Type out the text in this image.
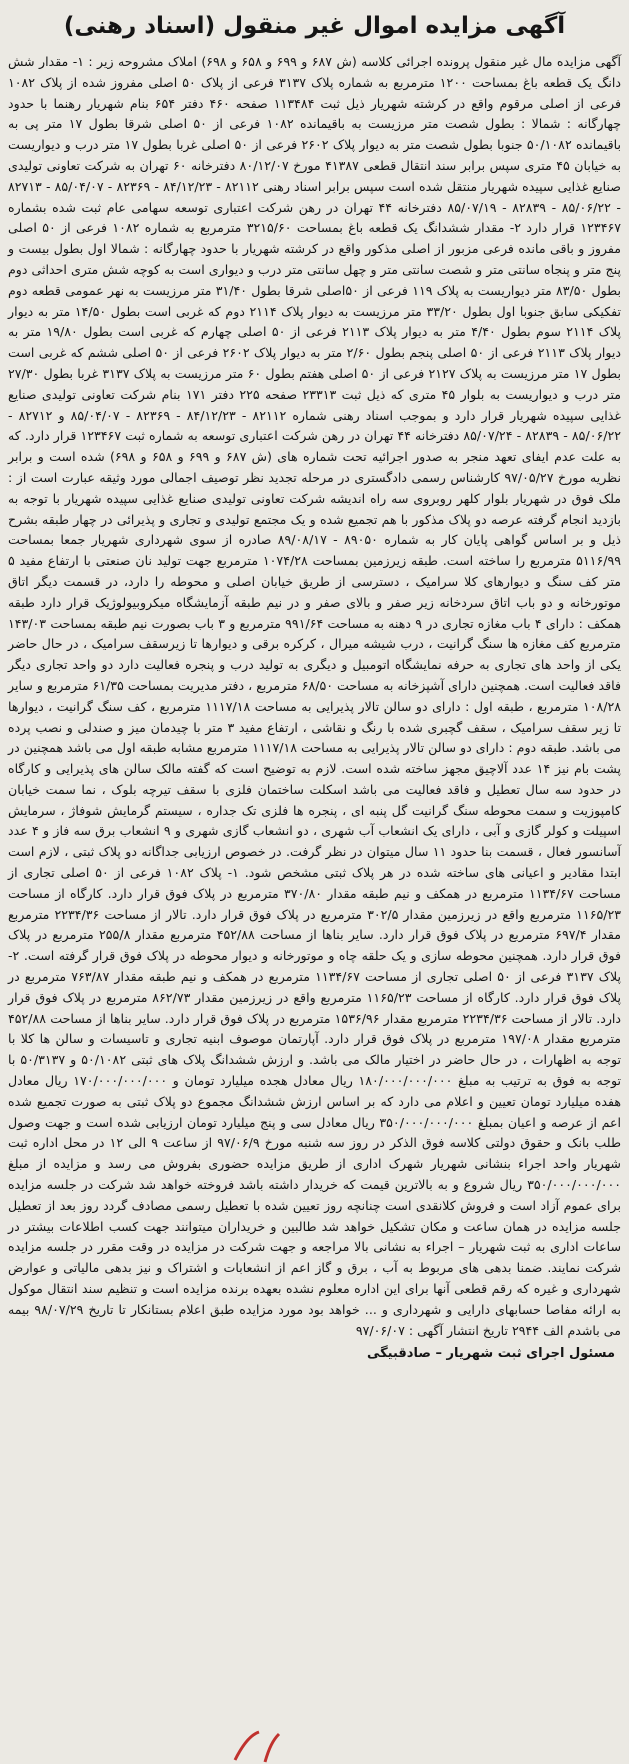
آگهی مزایده اموال غیر منقول (اسناد رهنی)

آگهی مزایده مال غیر منقول پرونده اجرائی کلاسه (ش ۶۸۷ و ۶۹۹ و ۶۵۸ و ۶۹۸) املاک مشروحه زیر : ۱- مقدار شش دانگ یک قطعه باغ بمساحت ۱۲۰۰ مترمربع به شماره پلاک ۳۱۳۷ فرعی از پلاک ۵۰ اصلی مفروز شده از پلاک ۱۰۸۲ فرعی از اصلی مرقوم واقع در کرشته شهریار ذیل ثبت ۱۱۳۴۸۴ صفحه ۴۶۰ دفتر ۶۵۴ بنام شهریار رهنما با حدود چهارگانه : شمالا : بطول شصت متر مرزیست به باقیمانده ۱۰۸۲ فرعی از ۵۰ اصلی شرقا بطول ۱۷ متر پی به باقیمانده ۵۰/۱۰۸۲ جنوبا بطول شصت متر به دیوار پلاک ۲۶۰۲ فرعی از ۵۰ اصلی غربا بطول ۱۷ متر درب و دیواریست به خیابان ۴۵ متری سپس برابر سند انتقال قطعی ۴۱۳۸۷ مورخ ۸۰/۱۲/۰۷ دفترخانه ۶۰ تهران به شرکت تعاونی تولیدی صنایع غذایی سپیده شهریار منتقل شده است سپس برابر اسناد رهنی ۸۲۱۱۲ - ۸۴/۱۲/۲۳ - ۸۲۳۶۹ - ۸۵/۰۴/۰۷ - ۸۲۷۱۳ - ۸۵/۰۶/۲۲ - ۸۲۸۳۹ - ۸۵/۰۷/۱۹ دفترخانه ۴۴ تهران در رهن شرکت اعتباری توسعه سهامی عام ثبت شده بشماره ۱۲۳۴۶۷ قرار دارد ۲- مقدار ششدانگ یک قطعه باغ بمساحت ۳۲۱۵/۶۰ مترمربع به شماره ۱۰۸۲ فرعی از ۵۰ اصلی مفروز و باقی مانده فرعی مزبور از اصلی مذکور واقع در کرشته شهریار با حدود چهارگانه : شمالا اول بطول بیست و پنج متر و پنجاه سانتی متر و شصت سانتی متر و چهل سانتی متر درب و دیواری است به کوچه شش متری احداثی دوم بطول ۸۳/۵۰ متر دیواریست به پلاک ۱۱۹ فرعی از ۵۰اصلی شرقا بطول ۳۱/۴۰ متر مرزیست به نهر عمومی قطعه دوم تفکیکی سابق جنوبا اول بطول ۳۳/۲۰ متر مرزیست به دیوار پلاک ۲۱۱۴ دوم که غربی است بطول ۱۴/۵۰ متر به دیوار پلاک ۲۱۱۴ سوم بطول ۴/۴۰ متر به دیوار پلاک ۲۱۱۳ فرعی از ۵۰ اصلی چهارم که غربی است بطول ۱۹/۸۰ متر به دیوار پلاک ۲۱۱۳ فرعی از ۵۰ اصلی پنجم بطول ۲/۶۰ متر به دیوار پلاک ۲۶۰۲ فرعی از ۵۰ اصلی ششم که غربی است بطول ۱۷ متر مرزیست به پلاک ۲۱۲۷ فرعی از ۵۰ اصلی هفتم بطول ۶۰ متر مرزیست به پلاک ۳۱۳۷ غربا بطول ۲۷/۳۰ متر درب و دیواریست به بلوار ۴۵ متری که ذیل ثبت ۲۳۳۱۳ صفحه ۲۲۵ دفتر ۱۷۱ بنام شرکت تعاونی تولیدی صنایع غذایی سپیده شهریار قرار دارد و بموجب اسناد رهنی شماره ۸۲۱۱۲ - ۸۴/۱۲/۲۳ - ۸۲۳۶۹ - ۸۵/۰۴/۰۷ و ۸۲۷۱۲ - ۸۵/۰۶/۲۲ - ۸۲۸۳۹ - ۸۵/۰۷/۲۴ دفترخانه ۴۴ تهران در رهن شرکت اعتباری توسعه به شماره ثبت ۱۲۳۴۶۷ قرار دارد. که به علت عدم ایفای تعهد منجر به صدور اجرائیه تحت شماره های (ش ۶۸۷ و ۶۹۹ و ۶۵۸ و ۶۹۸) شده است و برابر نظریه مورخ ۹۷/۰۵/۲۷ کارشناس رسمی دادگستری در مرحله تجدید نظر توصیف اجمالی مورد وثیقه عبارت است از : ملک فوق در شهریار بلوار کلهر روبروی سه راه اندیشه شرکت تعاونی تولیدی صنایع غذایی سپیده شهریار با توجه به بازدید انجام گرفته عرصه دو پلاک مذکور با هم تجمیع شده و یک مجتمع تولیدی و تجاری و پذیرائی در چهار طبقه بشرح ذیل و بر اساس گواهی پایان کار به شماره ۸۹۰۵۰ - ۸۹/۰۸/۱۷ صادره از سوی شهرداری شهریار جمعا بمساحت ۵۱۱۶/۹۹ مترمربع را ساخته است. طبقه زیرزمین بمساحت ۱۰۷۴/۲۸ مترمربع جهت تولید نان صنعتی با ارتفاع مفید ۵ متر کف سنگ و دیوارهای کلا سرامیک ، دسترسی از طریق خیابان اصلی و محوطه را دارد، در قسمت دیگر اتاق موتورخانه و دو باب اتاق سردخانه زیر صفر و بالای صفر و در نیم طبقه آزمایشگاه میکروبیولوژیک قرار دارد طبقه همکف : دارای ۴ باب مغازه تجاری در ۹ دهنه به مساحت ۹۹۱/۶۴ مترمربع و ۳ باب بصورت نیم طبقه بمساحت ۱۴۳/۰۳ مترمربع کف مغازه ها سنگ گرانیت ، درب شیشه میرال ، کرکره برقی و دیوارها تا زیرسقف سرامیک ، در حال حاضر یکی از واحد های تجاری به حرفه نمایشگاه اتومبیل و دیگری به تولید درب و پنجره فعالیت دارد دو واحد تجاری دیگر فاقد فعالیت است. همچنین دارای آشپزخانه به مساحت ۶۸/۵۰ مترمربع ، دفتر مدیریت بمساحت ۶۱/۳۵ مترمربع و سایر ۱۰۸/۲۸ مترمربع ، طبقه اول : دارای دو سالن تالار پذیرایی به مساحت ۱۱۱۷/۱۸ مترمربع ، کف سنگ گرانیت ، دیوارها تا زیر سقف سرامیک ، سقف گچبری شده با رنگ و نقاشی ، ارتفاع مفید ۳ متر با چیدمان میز و صندلی و نصب پرده می باشد. طبقه دوم : دارای دو سالن تالار پذیرایی به مساحت ۱۱۱۷/۱۸ مترمربع مشابه طبقه اول می باشد همچنین در پشت بام نیز ۱۴ عدد آلاچیق مجهز ساخته شده است. لازم به توضیح است که گفته مالک سالن های پذیرایی و کارگاه در حدود سه سال تعطیل و فاقد فعالیت می باشد اسکلت ساختمان فلزی با سقف تیرچه بلوک ، نما سمت خیابان کامپوزیت و سمت محوطه سنگ گرانیت گل پنبه ای ، پنجره ها فلزی تک جداره ، سیستم گرمایش شوفاژ ، سرمایش اسپیلت و کولر گازی و آبی ، دارای یک انشعاب آب شهری ، دو انشعاب گازی شهری و ۹ انشعاب برق سه فاز و ۴ عدد آسانسور فعال ، قسمت بنا حدود ۱۱ سال میتوان در نظر گرفت. در خصوص ارزیابی جداگانه دو پلاک ثبتی ، لازم است ابتدا مقادیر و اعیانی های ساخته شده در هر پلاک ثبتی مشخص شود. ۱- پلاک ۱۰۸۲ فرعی از ۵۰ اصلی تجاری از مساحت ۱۱۳۴/۶۷ مترمربع در همکف و نیم طبقه مقدار ۳۷۰/۸۰ مترمربع در پلاک فوق قرار دارد. کارگاه از مساحت ۱۱۶۵/۲۳ مترمربع واقع در زیرزمین مقدار ۳۰۲/۵ مترمربع در پلاک فوق قرار دارد. تالار از مساحت ۲۲۳۴/۳۶ مترمربع مقدار ۶۹۷/۴ مترمربع در پلاک فوق قرار دارد. سایر بناها از مساحت ۴۵۲/۸۸ مترمربع مقدار ۲۵۵/۸ مترمربع در پلاک فوق قرار دارد. همچنین محوطه سازی و یک حلقه چاه و موتورخانه و دیوار محوطه در پلاک فوق قرار گرفته است. ۲- پلاک ۳۱۳۷ فرعی از ۵۰ اصلی تجاری از مساحت ۱۱۳۴/۶۷ مترمربع در همکف و نیم طبقه مقدار ۷۶۳/۸۷ مترمربع در پلاک فوق قرار دارد. کارگاه از مساحت ۱۱۶۵/۲۳ مترمربع واقع در زیرزمین مقدار ۸۶۲/۷۳ مترمربع در پلاک فوق قرار دارد. تالار از مساحت ۲۲۳۴/۳۶ مترمربع مقدار ۱۵۳۶/۹۶ مترمربع در پلاک فوق قرار دارد. سایر بناها از مساحت ۴۵۲/۸۸ مترمربع مقدار ۱۹۷/۰۸ مترمربع در پلاک فوق قرار دارد. آپارتمان موصوف ابنیه تجاری و تاسیسات و سالن ها کلا با توجه به اظهارات ، در حال حاضر در اختیار مالک می باشد. و ارزش ششدانگ پلاک های ثبتی ۵۰/۱۰۸۲ و ۵۰/۳۱۳۷ با توجه به فوق به ترتیب به مبلغ ۱۸۰/۰۰۰/۰۰۰/۰۰۰ ریال معادل هجده میلیارد تومان و ۱۷۰/۰۰۰/۰۰۰/۰۰۰ ریال معادل هفده میلیارد تومان تعیین و اعلام می دارد که بر اساس ارزش ششدانگ مجموع دو پلاک ثبتی به صورت تجمیع شده اعم از عرصه و اعیان بمبلغ ۳۵۰/۰۰۰/۰۰۰/۰۰۰ ریال معادل سی و پنج میلیارد تومان ارزیابی شده است و جهت وصول طلب بانک و حقوق دولتی کلاسه فوق الذکر در روز سه شنبه مورخ ۹۷/۰۶/۹ از ساعت ۹ الی ۱۲ در محل اداره ثبت شهریار واحد اجراء بنشانی شهریار شهرک اداری از طریق مزایده حضوری بفروش می رسد و مزایده از مبلغ ۳۵۰/۰۰۰/۰۰۰/۰۰۰ ریال شروع و به بالاترین قیمت که خریدار داشته باشد فروخته خواهد شد شرکت در جلسه مزایده برای عموم آزاد است و فروش کلانقدی است چنانچه روز تعیین شده با تعطیل رسمی مصادف گردد روز بعد از تعطیل جلسه مزایده در همان ساعت و مکان تشکیل خواهد شد طالبین و خریداران میتوانند جهت کسب اطلاعات بیشتر در ساعات اداری به ثبت شهریار – اجراء به نشانی بالا مراجعه و جهت شرکت در مزایده در وقت مقرر در جلسه مزایده شرکت نمایند. ضمنا بدهی های مربوط به آب ، برق و گاز اعم از انشعابات و اشتراک و نیز بدهی مالیاتی و عوارض شهرداری و غیره که رقم قطعی آنها برای این اداره معلوم نشده بعهده برنده مزایده است و تنظیم سند انتقال موکول به ارائه مفاصا حسابهای دارایی و شهرداری و ... خواهد بود مورد مزایده طبق اعلام بستانکار تا تاریخ ۹۸/۰۷/۲۹ بیمه می باشدم الف ۲۹۴۴ تاریخ انتشار آگهی : ۹۷/۰۶/۰۷

مسئول اجرای ثبت شهریار – صادقبیگی
